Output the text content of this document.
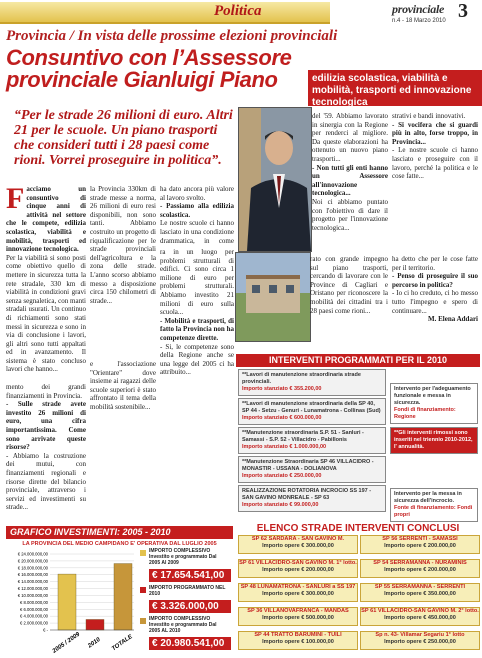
Politica	provinciale
n.4 - 18 Marzo 2010 3
Provincia / In vista delle prossime elezioni provinciali
Consuntivo con l’Assessore provinciale Gianluigi Piano	edilizia scolastica, viabilità e mobilità, trasporti ed innovazione tecnologica
“Per le strade 26 milioni di euro. Altri 21 per le scuole. Un piano trasporti che consideri tutti i 28 paesi come rioni. Vorrei proseguire in politica”.
F acciamo un consuntivo di cinque anni di attività nel settore che le compete, edilizia scolastica, viabilità e mobilità, trasporti ed innovazione tecnologica.

Per la viabilità si sono posti come obiettivo quello di mettere in sicurezza tutta la rete stradale, 330 km di viabilità in condizioni gravi senza segnaletica, con manti stradali usurati. Un continuo di richiamenti sono stati messi in sicurezza e sono in via di conclusione i lavori, gli altri sono tutti appaltati ed in avanzamento. Il sistema è stato concluso lavori che hanno...

mento dei grandi finanziamenti in Provincia.

- Sulle strade avete investito 26 milioni di euro, una cifra importantissima. Come sono arrivate queste risorse?

- Abbiamo la costruzione dei mutui, con finanziamenti regionali e risorse dirette del bilancio provinciale, attraverso i servizi ed investimenti su strade...

la Provincia 330km di strade messe a norma, 26 milioni di euro resi disponibili, non sono tanti. Abbiamo costruito un progetto di riqualificazione per le strade provinciali dell'agricoltura e la zona delle strade. L'anno scorso abbiamo messo a disposizione circa 150 chilometri di strade...

e l'associazione "Orientare" dove insieme ai ragazzi delle scuole superiori è stato affrontato il tema della mobilità sostenibile...

ha dato ancora più valore al lavoro svolto.

- Passiamo alla edilizia scolastica.

Le nostre scuole ci hanno lasciato in una condizione drammatica, in come

ra in un luogo per problemi strutturali di edifici. Ci sono circa 1 milione di euro per problemi strutturali. Abbiamo investito 21 milioni di euro sulla scuola...

- Mobilità e trasporti, di fatto la Provincia non ha competenze dirette.

- Si, le competenze sono della Regione anche se una legge del 2005 ci ha attribuito...

del '59. Abbiamo lavorato in sinergia con la Regione per renderci al migliore. Da queste elaborazioni ha ottenuto un nuovo piano trasporti...

- Non tutti gli enti hanno un Assessore all'innovazione tecnologica...

Noi ci abbiamo puntato con l'obiettivo di dare il progetto per l'innovazione tecnologica...

strativi e bandi innovativi.

- Si vociferа che si guardi più in alto, forse troppo, in Provincia...

- Le nostre scuole ci hanno lasciato e proseguire con il lavoro, perché la politica e le cose fatte...

rato con grande impegno sul piano trasporti, cercando di lavorare con le Province di Cagliari e Oristano per riconoscere la mobilità dei cittadini tra i 28 paesi come rioni...

ha detto che per le cose fatte per il territorio.

- Penso di proseguire il suo percorso in politica?

- Io ci ho creduto, ci ho messo tutto l'impegno e spero di continuare...

M. Elena Addari

INTERVENTI PROGRAMMATI PER IL 2010
**Lavori di manutenzione straordinaria strade provinciali.
Importo stanziato € 355.200,00
**Lavori di manutenzione straordinaria della SP 40, SP 44 - Setzu - Genuri - Lunamatrona - Collinas (Sud)
Importo stanziato € 600.000,00
**Manutenzione straordinaria S.P. 51 - Sanluri - Samassi - S.P. 52 - Villacidro - Pabillonis
Importo stanziato € 1.000.000,00
**Manutenzione Straordinaria SP 46 VILLACIDRO - MONASTIR - USSANA - DOLIANOVA
Importo stanziato € 250.000,00
REALIZZAZIONE ROTATORIA INCROCIO SS 197 - SAN GAVINO MONREALE - SP 63
Importo stanziato € 99.000,00
Intervento per l'adeguamento funzionale e messa in sicurezza.
Fondi di finanziamento: Regione
**Gli interventi rimossi sono inseriti nel triennio 2010-2012, l' annualità.
Intervento per la messa in sicurezza dell'incrocio.
Fonte di finanziamento: Fondi propri
ELENCO STRADE INTERVENTI CONCLUSI
SP 62 SARDARA - SAN GAVINO M.
Importo opere € 300.000,00
SP 56 SERRENTI - SAMASSI
Importo opere € 200.000,00
SP 61 VILLACIDRO-SAN GAVINO M. 1° lotto.
Importo opere € 200.000,00
SP 54 SERRAMANNA - NURAMINIS
Importo opere € 200.000,00
SP 48 LUNAMATRONA - SANLURI a SS 197
Importo opere € 300.000,00
SP 55 SERRAMANNA - SERRENTI
Importo opere € 350.000,00
SP 36 VILLANOVAFRANCA - MANDAS
Importo opere € 500.000,00
SP 61 VILLACIDRO-SAN GAVINO M. 2° lotto.
Importo opere € 450.000,00
SP 44 TRATTO BARUMINI - TUILI
Importo opere € 100.000,00
Sp n. 43- Villamar Segariu 1° lotto
Importo opere € 250.000,00
GRAFICO INVESTIMENTI: 2005 - 2010
LA PROVINCIA DEL MEDIO CAMPIDANO E' OPERATIVA DAL LUGLIO 2005
€ 24.000.000,00
€ 20.000.000,00
€ 18.000.000,00
€ 16.000.000,00
€ 14.000.000,00
€ 12.000.000,00
€ 10.000.000,00
€ 8.000.000,00
€ 6.000.000,00
€ 4.000.000,00
€ 2.000.000,00
€ -
2005 / 2009 2010 TOTALE
IMPORTO COMPLESSIVO Investito e programmato Dal 2005 Al 2009
€ 17.654.541,00
IMPORTO PROGRAMMATO NEL 2010
€ 3.326.000,00
IMPORTO COMPLESSIVO Investito e programmato Dal 2005 AL 2010
€ 20.980.541,00
